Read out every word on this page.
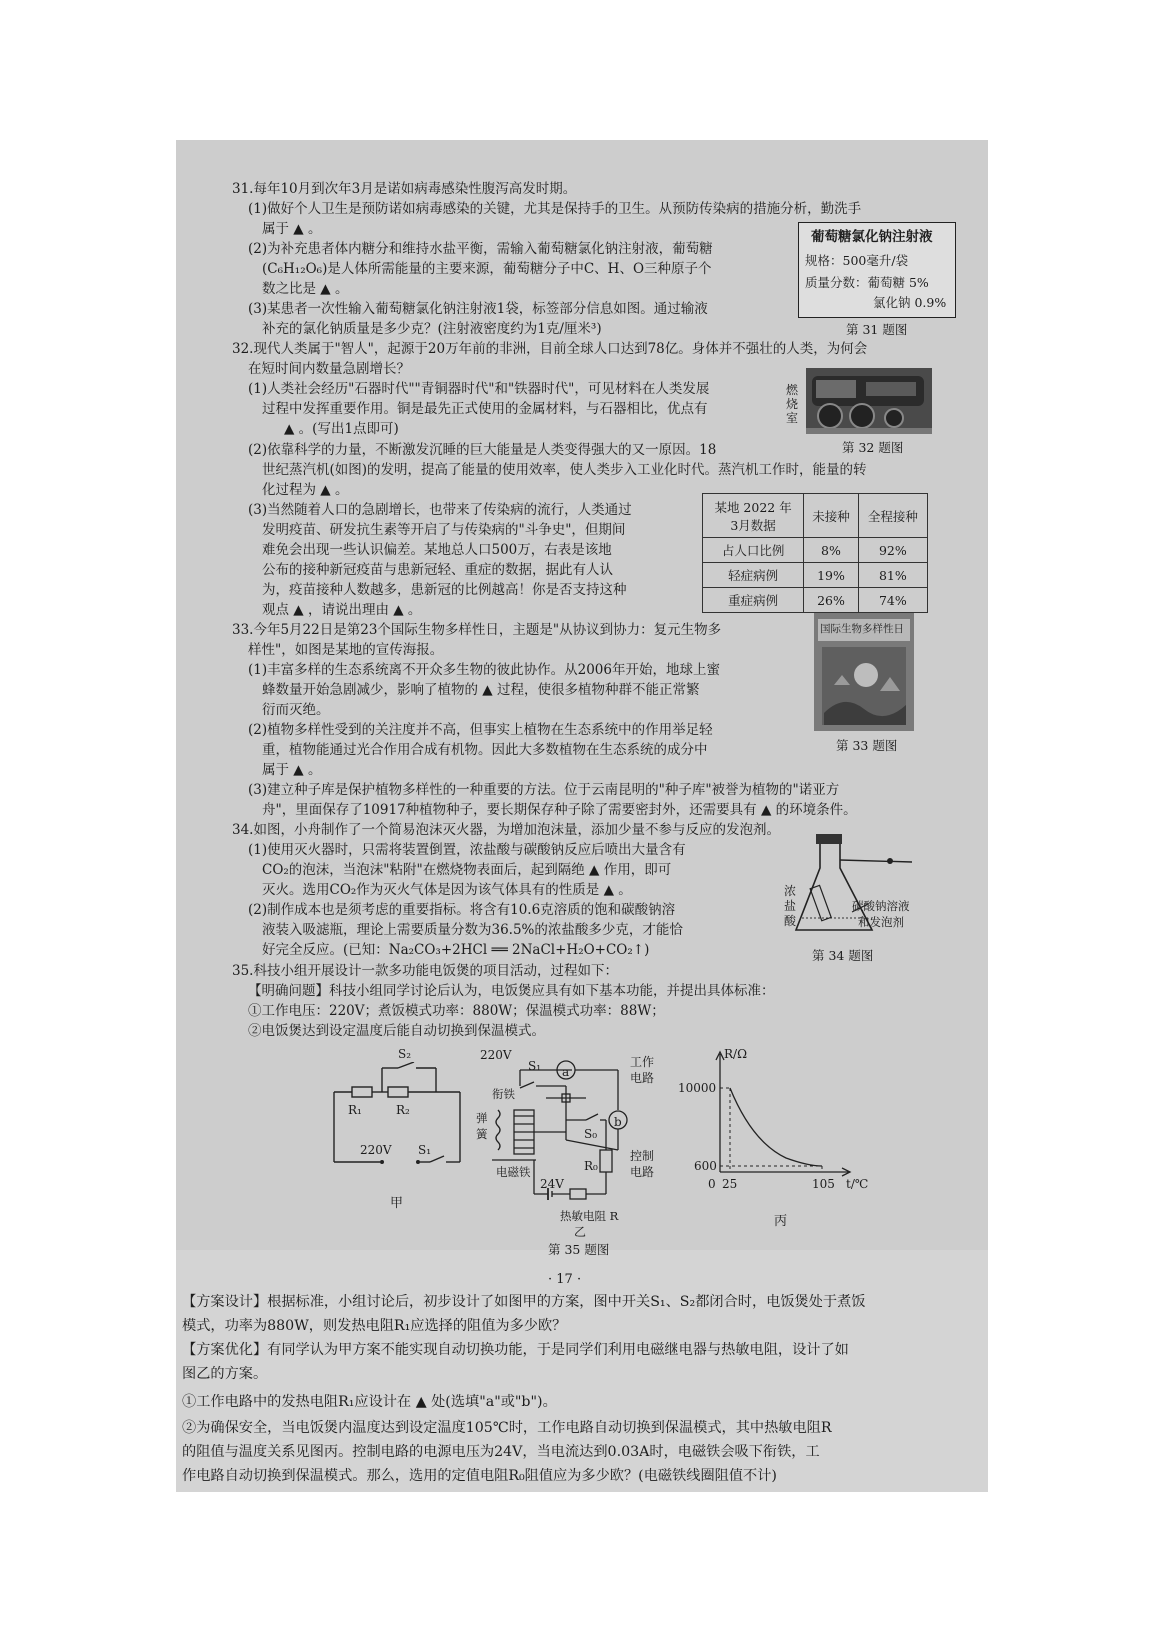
31.每年10月到次年3月是诺如病毒感染性腹泻高发时期。
(1)做好个人卫生是预防诺如病毒感染的关键，尤其是保持手的卫生。从预防传染病的措施分析，勤洗手
属于 ▲ 。
(2)为补充患者体内糖分和维持水盐平衡，需输入葡萄糖氯化钠注射液，葡萄糖
(C₆H₁₂O₆)是人体所需能量的主要来源，葡萄糖分子中C、H、O三种原子个
数之比是 ▲ 。
(3)某患者一次性输入葡萄糖氯化钠注射液1袋，标签部分信息如图。通过输液
补充的氯化钠质量是多少克？(注射液密度约为1克/厘米³)
葡萄糖氯化钠注射液
规格：500毫升/袋
质量分数：葡萄糖 5%
氯化钠 0.9%
第 31 题图
32.现代人类属于"智人"，起源于20万年前的非洲，目前全球人口达到78亿。身体并不强壮的人类，为何会
在短时间内数量急剧增长？
(1)人类社会经历"石器时代""青铜器时代"和"铁器时代"，可见材料在人类发展
过程中发挥重要作用。铜是最先正式使用的金属材料，与石器相比，优点有
▲ 。(写出1点即可)
燃烧室
第 32 题图
(2)依靠科学的力量，不断激发沉睡的巨大能量是人类变得强大的又一原因。18
世纪蒸汽机(如图)的发明，提高了能量的使用效率，使人类步入工业化时代。蒸汽机工作时，能量的转
化过程为 ▲ 。
(3)当然随着人口的急剧增长，也带来了传染病的流行，人类通过
发明疫苗、研发抗生素等开启了与传染病的"斗争史"，但期间
难免会出现一些认识偏差。某地总人口500万，右表是该地
公布的接种新冠疫苗与患新冠轻、重症的数据，据此有人认
为，疫苗接种人数越多，患新冠的比例越高！你是否支持这种
观点 ▲ ，请说出理由 ▲ 。
某地 2022 年
3月数据	未接种	全程接种
占人口比例	8%	92%
轻症病例	19%	81%
重症病例	26%	74%
33.今年5月22日是第23个国际生物多样性日，主题是"从协议到协力：复元生物多
样性"，如图是某地的宣传海报。
(1)丰富多样的生态系统离不开众多生物的彼此协作。从2006年开始，地球上蜜
蜂数量开始急剧减少，影响了植物的 ▲ 过程，使很多植物种群不能正常繁
衍而灭绝。
(2)植物多样性受到的关注度并不高，但事实上植物在生态系统中的作用举足轻
重，植物能通过光合作用合成有机物。因此大多数植物在生态系统的成分中
属于 ▲ 。
国际生物多样性日
第 33 题图
(3)建立种子库是保护植物多样性的一种重要的方法。位于云南昆明的"种子库"被誉为植物的"诺亚方
舟"，里面保存了10917种植物种子，要长期保存种子除了需要密封外，还需要具有 ▲ 的环境条件。
34.如图，小舟制作了一个简易泡沫灭火器，为增加泡沫量，添加少量不参与反应的发泡剂。
(1)使用灭火器时，只需将装置倒置，浓盐酸与碳酸钠反应后喷出大量含有
CO₂的泡沫，当泡沫"粘附"在燃烧物表面后，起到隔绝 ▲ 作用，即可
灭火。选用CO₂作为灭火气体是因为该气体具有的性质是 ▲ 。
(2)制作成本也是须考虑的重要指标。将含有10.6克溶质的饱和碳酸钠溶
液装入吸滤瓶，理论上需要质量分数为36.5%的浓盐酸多少克，才能恰
好完全反应。(已知：Na₂CO₃+2HCl ══ 2NaCl+H₂O+CO₂↑)
浓盐酸
碳酸钠溶液
和发泡剂
第 34 题图
35.科技小组开展设计一款多功能电饭煲的项目活动，过程如下：
【明确问题】科技小组同学讨论后认为，电饭煲应具有如下基本功能，并提出具体标准：
①工作电压：220V；煮饭模式功率：880W；保温模式功率：88W；
②电饭煲达到设定温度后能自动切换到保温模式。
R₁	R₂
S₂
220V S₁
甲
220V
a
b
S₁	工作
电路
衔铁
弹
簧
电磁铁
S₀
R₀
控制
电路
24V
热敏电阻 R
乙
第 35 题图
R/Ω
10000
600
0 25	105 t/℃
丙
· 17 ·
【方案设计】根据标准，小组讨论后，初步设计了如图甲的方案，图中开关S₁、S₂都闭合时，电饭煲处于煮饭
模式，功率为880W，则发热电阻R₁应选择的阻值为多少欧？
【方案优化】有同学认为甲方案不能实现自动切换功能，于是同学们利用电磁继电器与热敏电阻，设计了如
图乙的方案。
①工作电路中的发热电阻R₁应设计在 ▲ 处(选填"a"或"b")。
②为确保安全，当电饭煲内温度达到设定温度105℃时，工作电路自动切换到保温模式，其中热敏电阻R
的阻值与温度关系见图丙。控制电路的电源电压为24V，当电流达到0.03A时，电磁铁会吸下衔铁，工
作电路自动切换到保温模式。那么，选用的定值电阻R₀阻值应为多少欧？(电磁铁线圈阻值不计)
